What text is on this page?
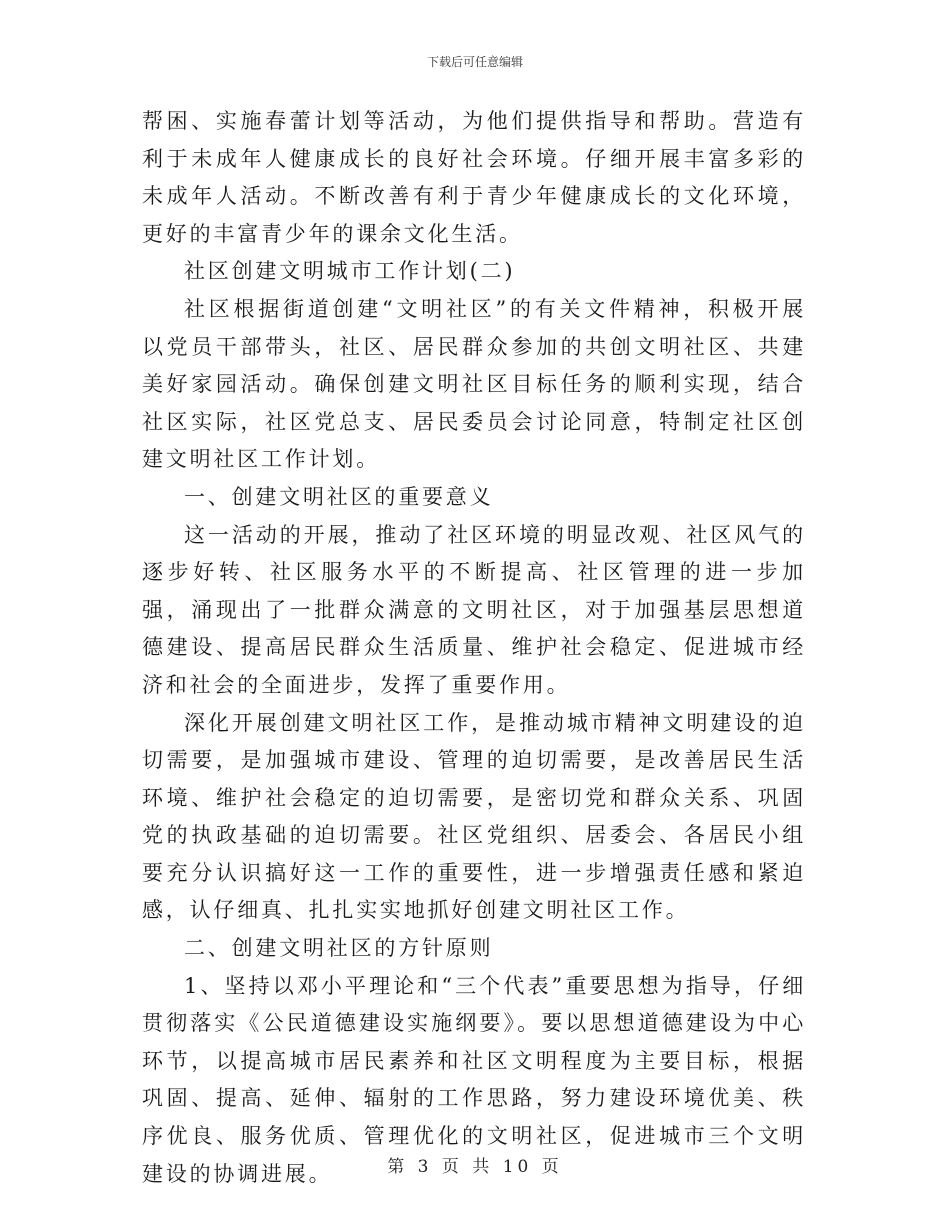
下载后可任意编辑

帮困、实施春蕾计划等活动，为他们提供指导和帮助。营造有利于未成年人健康成长的良好社会环境。仔细开展丰富多彩的未成年人活动。不断改善有利于青少年健康成长的文化环境，更好的丰富青少年的课余文化生活。

社区创建文明城市工作计划(二)

社区根据街道创建“文明社区”的有关文件精神，积极开展以党员干部带头，社区、居民群众参加的共创文明社区、共建美好家园活动。确保创建文明社区目标任务的顺利实现，结合社区实际，社区党总支、居民委员会讨论同意，特制定社区创建文明社区工作计划。

一、创建文明社区的重要意义

这一活动的开展，推动了社区环境的明显改观、社区风气的逐步好转、社区服务水平的不断提高、社区管理的进一步加强，涌现出了一批群众满意的文明社区，对于加强基层思想道德建设、提高居民群众生活质量、维护社会稳定、促进城市经济和社会的全面进步，发挥了重要作用。

深化开展创建文明社区工作，是推动城市精神文明建设的迫切需要，是加强城市建设、管理的迫切需要，是改善居民生活环境、维护社会稳定的迫切需要，是密切党和群众关系、巩固党的执政基础的迫切需要。社区党组织、居委会、各居民小组要充分认识搞好这一工作的重要性，进一步增强责任感和紧迫感，认仔细真、扎扎实实地抓好创建文明社区工作。

二、创建文明社区的方针原则

1、坚持以邓小平理论和“三个代表”重要思想为指导，仔细贯彻落实《公民道德建设实施纲要》。要以思想道德建设为中心环节，以提高城市居民素养和社区文明程度为主要目标，根据巩固、提高、延伸、辐射的工作思路，努力建设环境优美、秩序优良、服务优质、管理优化的文明社区，促进城市三个文明建设的协调进展。	第 3 页 共 10 页
